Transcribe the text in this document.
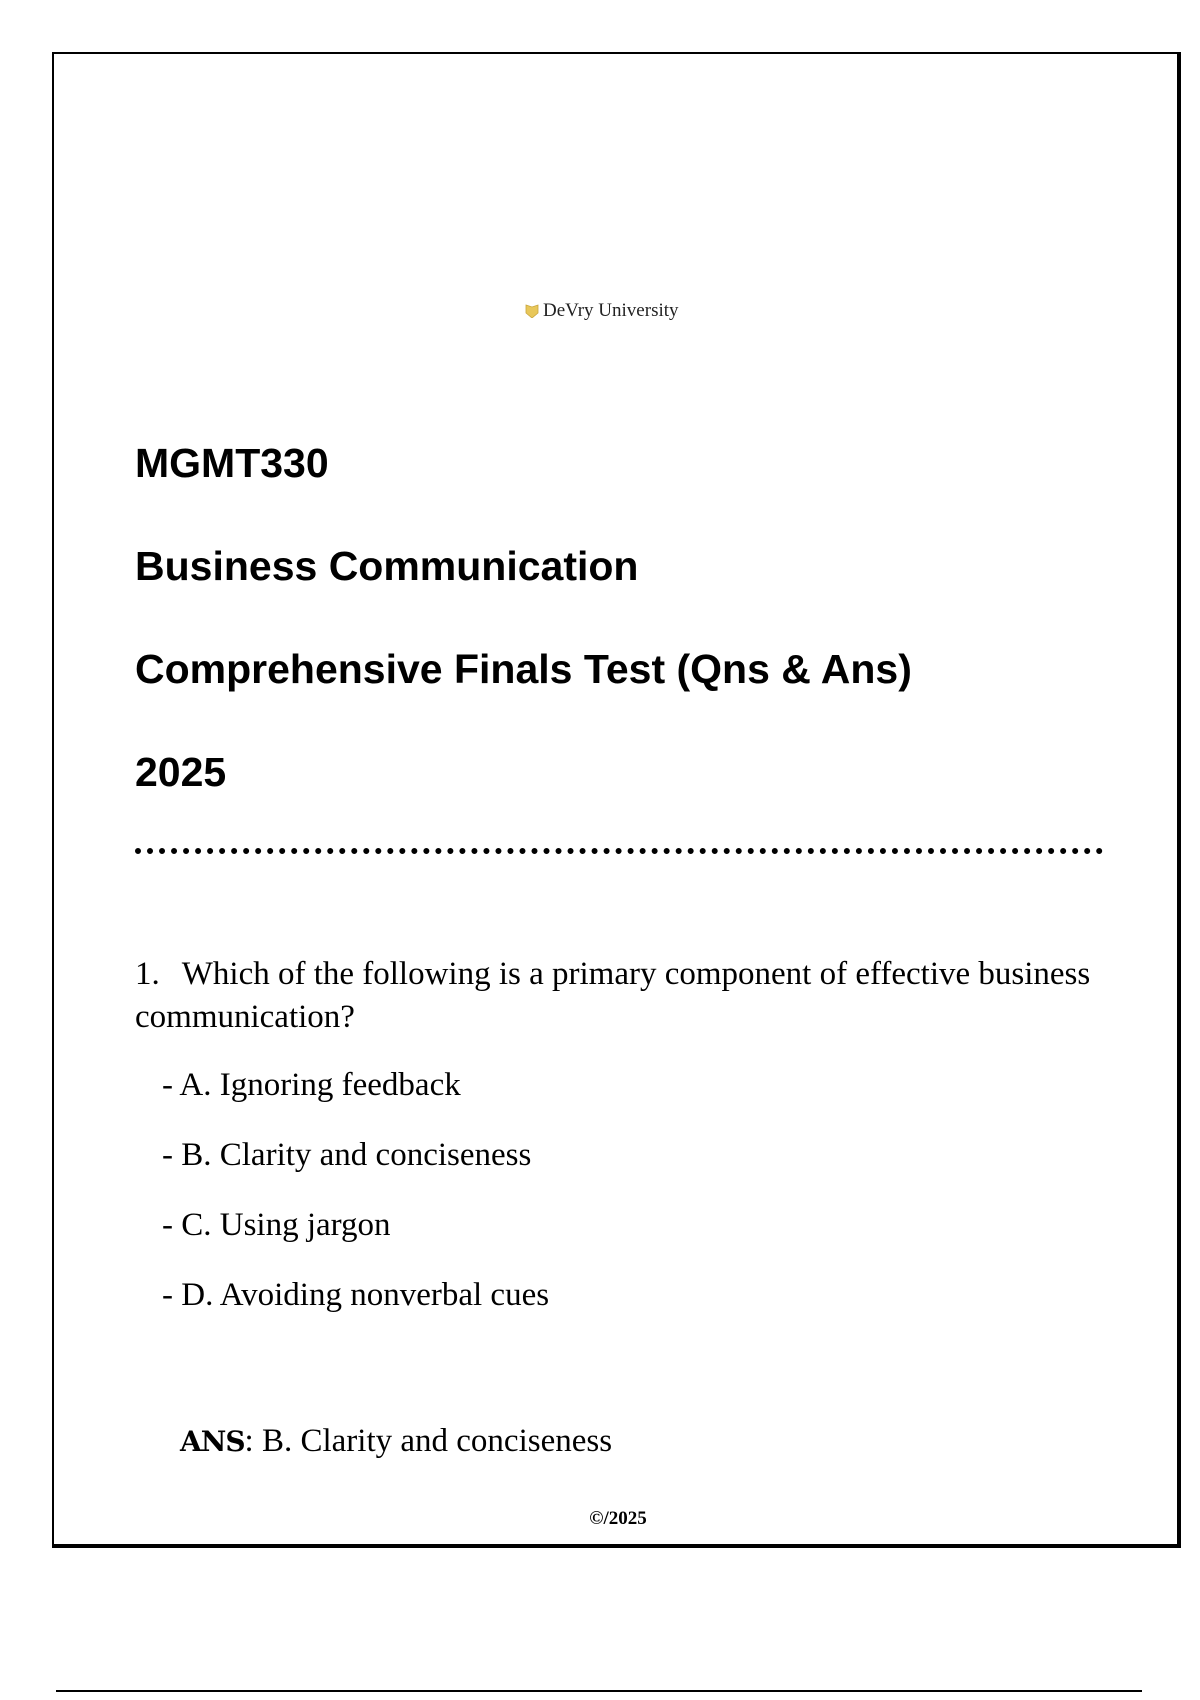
DeVry University
MGMT330
Business Communication
Comprehensive Finals Test (Qns & Ans)
2025

1. Which of the following is a primary component of effective business communication?

- A. Ignoring feedback
- B. Clarity and conciseness
- C. Using jargon
- D. Avoiding nonverbal cues
ANS: B. Clarity and conciseness
©/2025
